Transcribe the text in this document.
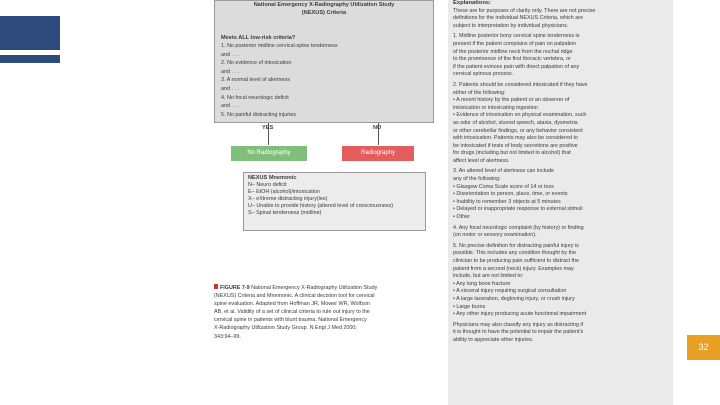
National Emergency X-Radiography Utilization Study
(NEXUS) Criteria
Meets ALL low-risk criteria?
1. No posterior midline cervical-spine tenderness
and . . .
2. No evidence of intoxication
and . . .
3. A normal level of alertness
and . . .
4. No focal neurologic deficit
and . . .
5. No painful distracting injuries
YES	NO
No Radiography	Radiography
NEXUS Mnemonic
N– Neuro deficit
E– EtOH (alcohol)/intoxication
X– eXtreme distracting injury(ies)
U– Unable to provide history (altered level of consciousness)
S– Spinal tenderness (midline)
FIGURE 7-9 National Emergency X-Radiography Utilization Study
(NEXUS) Criteria and Mnemonic. A clinical decision tool for cervical
spine evaluation. Adapted from Hoffman JR, Mower WR, Wolfson
AB, et al. Validity of a set of clinical criteria to rule out injury to the
cervical spine in patients with blunt trauma. National Emergency
X-Radiography Utilization Study Group. N Engl J Med 2000;
343:94–99.
Explanations:
These are for purposes of clarity only. There are not precise
definitions for the individual NEXUS Criteria, which are
subject to interpretation by individual physicians.
1. Midline posterior bony cervical spine tenderness is
present if the patient complains of pain on palpation
of the posterior midline neck from the nuchal ridge
to the prominence of the first thoracic vertebra, or
if the patient evinces pain with direct palpation of any
cervical spinous process.
2. Patients should be considered intoxicated if they have
either of the following:
• A recent history by the patient or an observer of
intoxication or intoxicating ingestion
• Evidence of intoxication on physical examination, such
as odor of alcohol, slurred speech, ataxia, dysmetria
or other cerebellar findings, or any behavior consistent
with intoxication. Patients may also be considered to
be intoxicated if tests of body secretions are positive
for drugs (including but not limited to alcohol) that
affect level of alertness.
3. An altered level of alertness can include
any of the following:
• Glasgow Coma Scale score of 14 or less
• Disorientation to person, place, time, or events
• Inability to remember 3 objects at 5 minutes
• Delayed or inappropriate response to external stimuli
• Other
4. Any focal neurologic complaint (by history) or finding
(on motor or sensory examination).
5. No precise definition for distracting painful injury is
possible. This includes any condition thought by the
clinician to be producing pain sufficient to distract the
patient from a second (neck) injury. Examples may
include, but are not limited to:
• Any long bone fracture
• A visceral injury requiring surgical consultation
• A large laceration, degloving injury, or crush injury
• Large burns
• Any other injury producing acute functional impairment
Physicians may also classify any injury as distracting if
it is thought to have the potential to impair the patient's
ability to appreciate other injuries.
32
